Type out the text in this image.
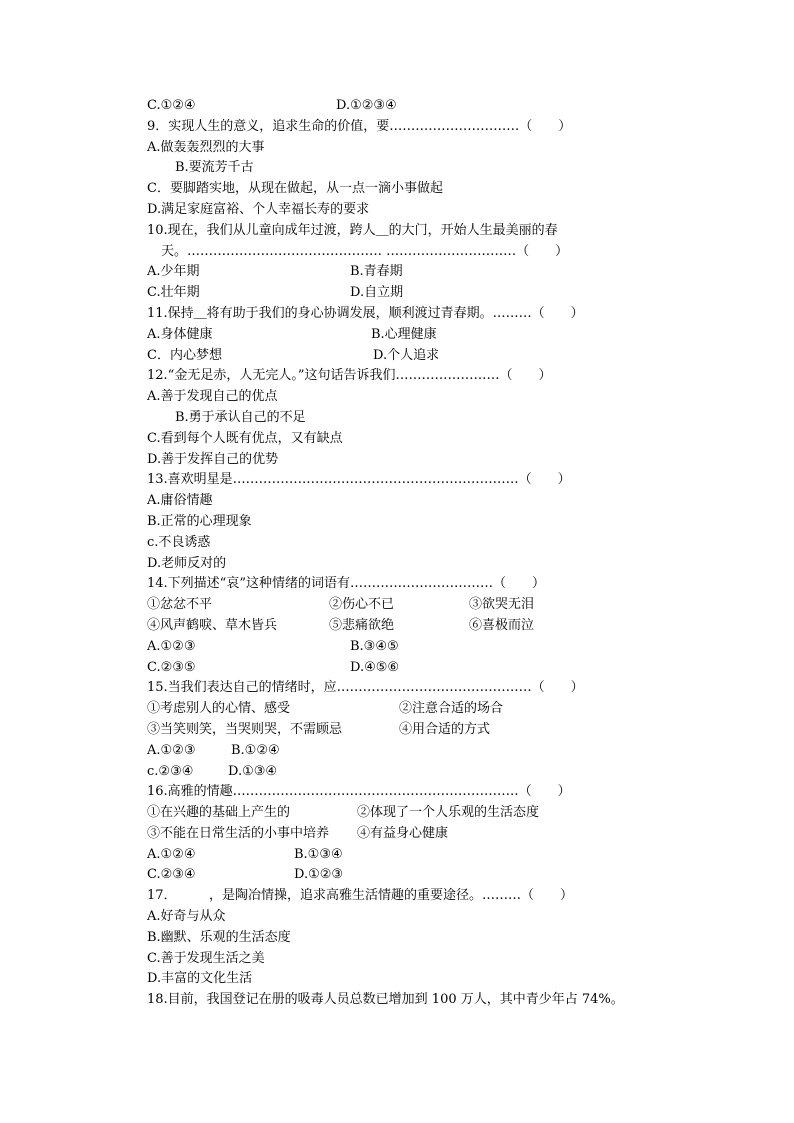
C.①②④	D.①②③④
9．实现人生的意义，追求生命的价值，要…………………………（　　）
A.做轰轰烈烈的大事
B.要流芳千古
C．要脚踏实地，从现在做起，从一点一滴小事做起
D.满足家庭富裕、个人幸福长寿的要求
10.现在，我们从儿童向成年过渡，跨人＿的大门，开始人生最美丽的春
天。……………………………………… …………………………（　　）
A.少年期	B.青春期
C.壮年期	D.自立期
11.保持＿将有助于我们的身心协调发展，顺利渡过青春期。………（　　）
A.身体健康	B.心理健康
C．内心梦想	D.个人追求
12.“金无足赤，人无完人。”这句话告诉我们……………………（　　）
A.善于发现自己的优点
B.勇于承认自己的不足
C.看到每个人既有优点，又有缺点
D.善于发挥自己的优势
13.喜欢明星是…………………………………………………………（　　）
A.庸俗情趣
B.正常的心理现象
c.不良诱惑
D.老师反对的
14.下列描述“哀”这种情绪的词语有……………………………（　　）
①忿忿不平	②伤心不已	③欲哭无泪
④风声鹤唳、草木皆兵	⑤悲痛欲绝	⑥喜极而泣
A.①②③	B.③④⑤
C.②③⑤	D.④⑤⑥
15.当我们表达自己的情绪时，应………………………………………（　　）
①考虑别人的心情、感受	②注意合适的场合
③当笑则笑，当哭则哭，不需顾忌	④用合适的方式
A.①②③	B.①②④
c.②③④	D.①③④
16.高雅的情趣…………………………………………………………（　　）
①在兴趣的基础上产生的	②体现了一个人乐观的生活态度
③不能在日常生活的小事中培养 ④有益身心健康
A.①②④	B.①③④
C.②③④	D.①②③
17．　　　，是陶冶情操，追求高雅生活情趣的重要途径。………（　　）
A.好奇与从众
B.幽默、乐观的生活态度
C.善于发现生活之美
D.丰富的文化生活
18.目前，我国登记在册的吸毒人员总数已增加到 100 万人，其中青少年占 74%。
